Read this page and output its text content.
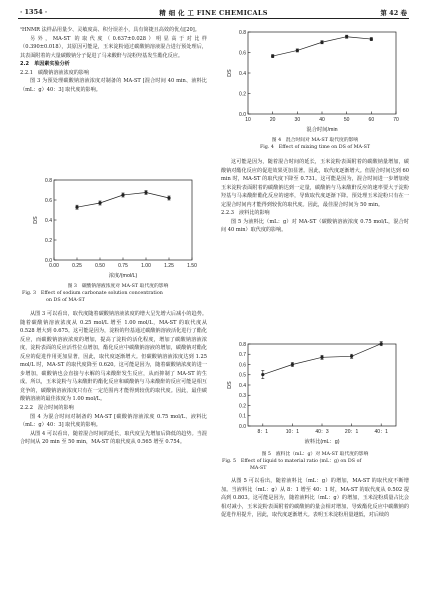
· 1354 ·	精 细 化 工 FINE CHEMICALS	第 42 卷

¹HNMR 法样品用量少、灵敏度高、积分误差小，具有简捷且高效的优点[20]。

另外，MA-ST 的取代度（0.637±0.028）明显高于对比样（0.390±0.018），其原因可能是，玉米淀粉通过碳酸钠溶液混合进行预处理后，其表面附着的大量碳酸钠分子促进了马来酸酐与淀粉羟基发生酯化反应。

2.2　单因素实验分析

2.2.1　碳酸钠溶液浓度的影响

图 3 为预处理碳酸钠溶液浓度对制备的 MA-ST [混合时间 40 min、液料比（mL：g）40：3] 取代度的影响。

0.0
0.2
0.4
0.6
0.8
0.00	0.25	0.50	0.75	1.00	1.25	1.50
浓度/(mol/L)
DS
图 3　碳酸钠溶液浓度对 MA-ST 取代度的影响
Fig. 3　Effect of sodium carbonate solution concentration
on DS of MA-ST

从图 3 可以看出，取代度随着碳酸钠溶液浓度的增大呈先增大后减小的趋势。随着碳酸钠溶液浓度从 0.25 mol/L 增至 1.00 mol/L，MA-ST 的取代度从 0.528 增大到 0.675。这可能是因为，淀粉的羟基通过碳酸钠溶液活化进行了酯化反应，而碳酸钠溶液浓度的增加，提高了淀粉的活化程度，增加了碳酸钠溶液浓度，淀粉表面的反应活性位点增加，酯化反应中碳酸钠溶液的增加，碳酸钠对酯化反应的促进作用更加显著，因此，取代度逐渐增大。但碳酸钠溶液浓度达到 1.25 mol/L 时，MA-ST 的取代度降至 0.620。这可能是因为，随着碳酸钠浓度的进一步增加，碳酸钠也会直接与水解的马来酸酐发生反应，从而抑制了 MA-ST 的生成。所以，玉米淀粉与马来酸酐的酯化反应和碳酸钠与马来酸酐的反应可能是相互竞争的，碳酸钠溶液浓度只有在一定范围内才能得到较优的取代度。因此，最佳碳酸钠溶液的最佳浓度为 1.00 mol/L。

2.2.2　混合时间的影响

图 4 为混合时间对制备的 MA-ST [碳酸钠溶液浓度 0.75 mol/L、液料比（mL：g）40：3] 取代度的影响。

从图 4 可以看出，随着混合时间的延长，取代度呈先增加后降低的趋势。当混合时间从 20 min 至 50 min，MA-ST 的取代度从 0.565 增至 0.754。

0.0
0.2
0.4
0.6
0.8
10	20	30	40	50	60	70
混合时间/min
DS
图 4　混合时间对 MA-ST 取代度的影响
Fig. 4　Effect of mixing time on DS of MA-ST

这可能是因为，随着混合时间的延长，玉米淀粉表面附着的碳酸钠量增加，碳酸钠对酯化反应的促进效果更加显著。因此，取代度逐渐增大。但混合时间达到 60 min 时，MA-ST 的取代度下降至 0.731。这可能是因为，混合时间进一步增加使玉米淀粉表面附着的碳酸钠达到一定量，碳酸钠与马来酸酐反应的速率要大于淀粉羟基与马来酸酐酯化反应的速率，导致取代度逐渐下降。预处理玉米淀粉只有在一定混合时间内才能得到较优的取代度。因此，最佳混合时间为 50 min。

2.2.3　液料比的影响

图 5 为液料比（mL：g）对 MA-ST（碳酸钠溶液浓度 0.75 mol/L，混合时间 40 min）取代度的影响。

0.0
0.1
0.2
0.3
0.4
0.5
0.6
0.7
0.8
8：1	10：1	40：3	20：1	40：1
液料比(mL：g)
DS
图 5　液料比（mL：g）对 MA-ST 取代度的影响
Fig. 5　Effect of liquid to material ratio (mL：g) on DS of
MA-ST

从图 5 可以看出，随着液料比（mL：g）的增加，MA-ST 的取代度不断增加。当液料比（mL：g）从 8：1 增至 40：1 时，MA-ST 的取代度从 0.502 提高到 0.803。这可能是因为，随着液料比（mL：g）的增加，玉米淀粉质量占比会相对减小，玉米淀粉表面附着的碳酸钠的量会相对增加，导致酯化反应中碳酸钠的促进作用提升，因此，取代度逐渐增大。表明玉米淀粉用量越低，对后续的
